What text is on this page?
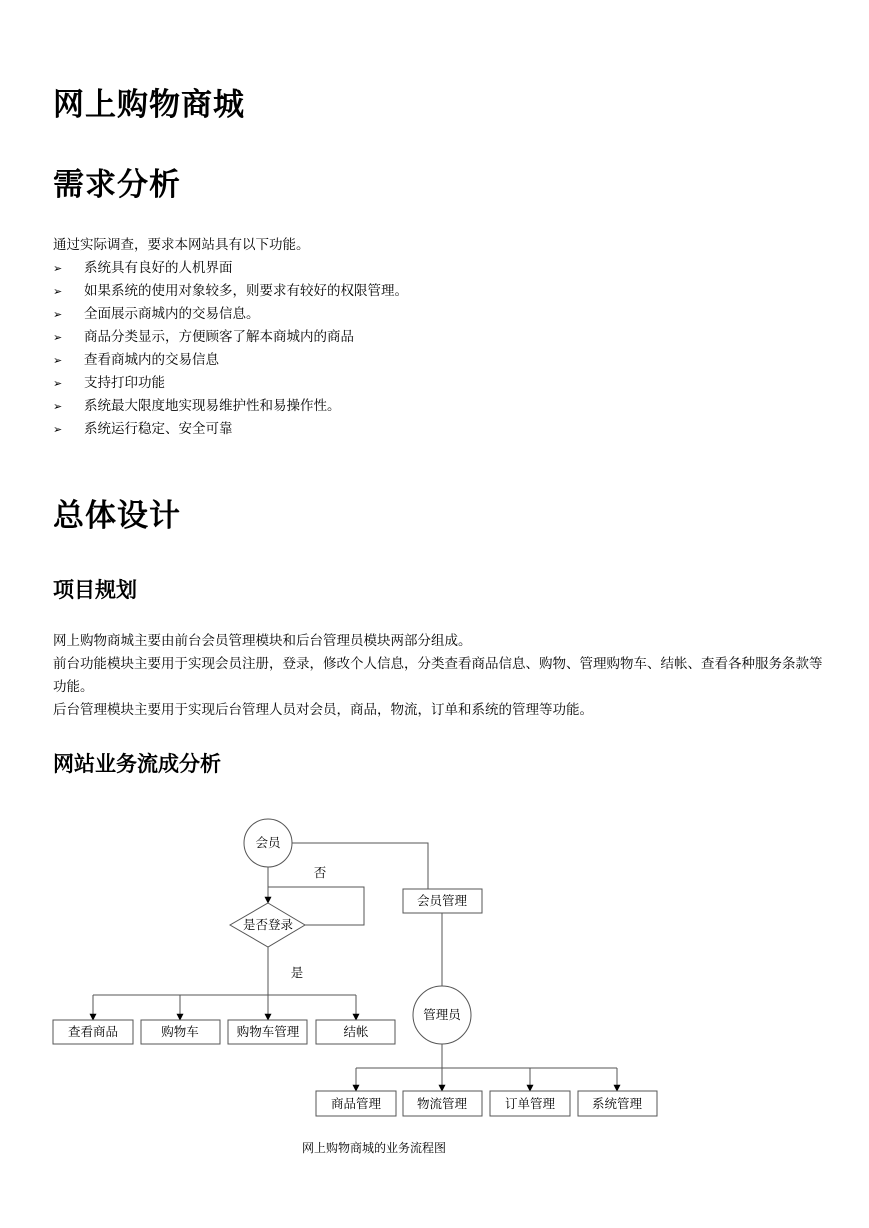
网上购物商城
需求分析

通过实际调查，要求本网站具有以下功能。

➢	系统具有良好的人机界面
➢	如果系统的使用对象较多，则要求有较好的权限管理。
➢	全面展示商城内的交易信息。
➢	商品分类显示，方便顾客了解本商城内的商品
➢	查看商城内的交易信息
➢	支持打印功能
➢	系统最大限度地实现易维护性和易操作性。
➢	系统运行稳定、安全可靠
总体设计
项目规划

网上购物商城主要由前台会员管理模块和后台管理员模块两部分组成。

前台功能模块主要用于实现会员注册，登录，修改个人信息，分类查看商品信息、购物、管理购物车、结帐、查看各种服务条款等功能。

后台管理模块主要用于实现后台管理人员对会员，商品，物流，订单和系统的管理等功能。

网站业务流成分析
会员
否
是否登录
是
会员管理
管理员
查看商品	购物车	购物车管理	结帐
商品管理	物流管理	订单管理	系统管理
网上购物商城的业务流程图
